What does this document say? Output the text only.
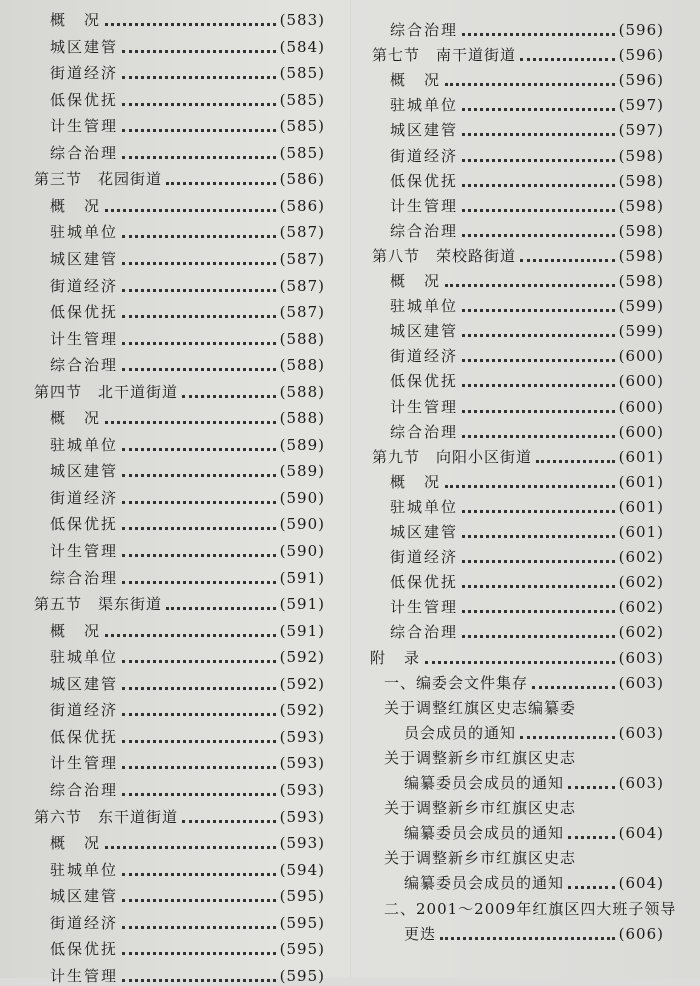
概　况	(583)
城区建管	(584)
街道经济	(585)
低保优抚	(585)
计生管理	(585)
综合治理	(585)
第三节　花园街道	(586)
概　况	(586)
驻城单位	(587)
城区建管	(587)
街道经济	(587)
低保优抚	(587)
计生管理	(588)
综合治理	(588)
第四节　北干道街道	(588)
概　况	(588)
驻城单位	(589)
城区建管	(589)
街道经济	(590)
低保优抚	(590)
计生管理	(590)
综合治理	(591)
第五节　渠东街道	(591)
概　况	(591)
驻城单位	(592)
城区建管	(592)
街道经济	(592)
低保优抚	(593)
计生管理	(593)
综合治理	(593)
第六节　东干道街道	(593)
概　况	(593)
驻城单位	(594)
城区建管	(595)
街道经济	(595)
低保优抚	(595)
计生管理	(595)
综合治理	(596)
第七节　南干道街道	(596)
概　况	(596)
驻城单位	(597)
城区建管	(597)
街道经济	(598)
低保优抚	(598)
计生管理	(598)
综合治理	(598)
第八节　荣校路街道	(598)
概　况	(598)
驻城单位	(599)
城区建管	(599)
街道经济	(600)
低保优抚	(600)
计生管理	(600)
综合治理	(600)
第九节　向阳小区街道	(601)
概　况	(601)
驻城单位	(601)
城区建管	(601)
街道经济	(602)
低保优抚	(602)
计生管理	(602)
综合治理	(602)
附　录	(603)
一、编委会文件集存	(603)
关于调整红旗区史志编纂委
员会成员的通知	(603)
关于调整新乡市红旗区史志
编纂委员会成员的通知	(603)
关于调整新乡市红旗区史志
编纂委员会成员的通知	(604)
关于调整新乡市红旗区史志
编纂委员会成员的通知	(604)
二、2001～2009年红旗区四大班子领导
更迭	(606)
